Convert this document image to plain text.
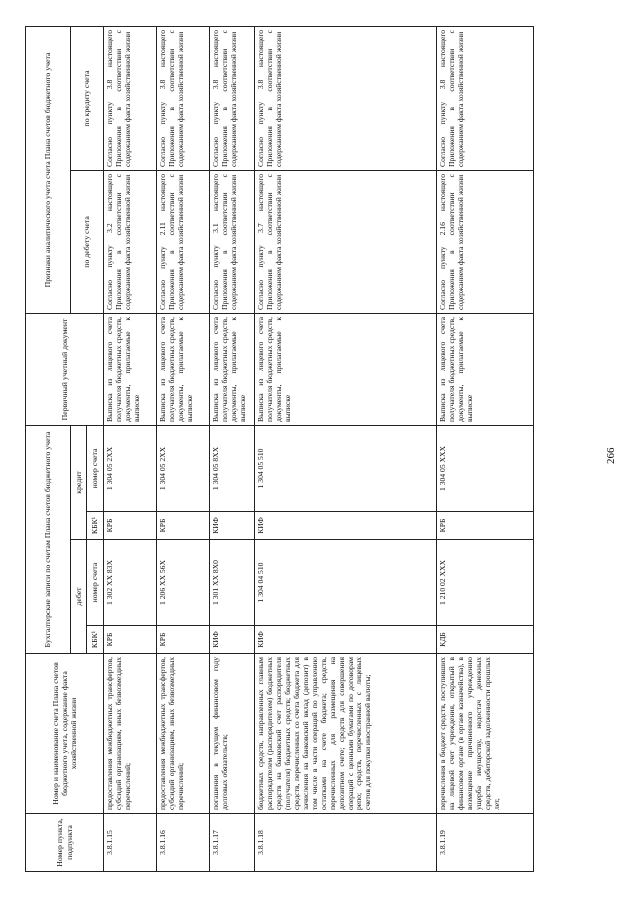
266
Номер пункта, подпункта	Номер и наименование счета Плана счетов бюджетного учета, содержание факта хозяйственной жизни	Бухгалтерские записи по счетам Плана счетов бюджетного учета				Первичный учетный документ	Признаки аналитического учета счета Плана счетов бюджетного учета	
		дебет		кредит			по дебету счета	по кредиту счета
		КБК¹	номер счета	КБК¹	номер счета			
3.8.1.15	предоставления межбюджетных трансфертов, субсидий организациям, иных безвозмездных перечислений;	КРБ	1 302 XX 83X	КРБ	1 304 05 2XX	Выписка из лицевого счета получателя бюджетных средств, документы, прилагаемые к выписке	Согласно пункту 3.2 настоящего Приложения в соответствии с содержанием факта хозяйственной жизни	Согласно пункту 3.8 настоящего Приложения в соответствии с содержанием факта хозяйственной жизни
3.8.1.16	предоставления межбюджетных трансфертов, субсидий организациям, иных безвозмездных перечислений;	КРБ	1 206 XX 56X	КРБ	1 304 05 2XX	Выписка из лицевого счета получателя бюджетных средств, документы, прилагаемые к выписке	Согласно пункту 2.11 настоящего Приложения в соответствии с содержанием факта хозяйственной жизни	Согласно пункту 3.8 настоящего Приложения в соответствии с содержанием факта хозяйственной жизни
3.8.1.17	погашения в текущем финансовом году долговых обязательств;	КИФ	1 301 XX 8X0	КИФ	1 304 05 8XX	Выписка из лицевого счета получателя бюджетных средств, документы, прилагаемые к выписке	Согласно пункту 3.1 настоящего Приложения в соответствии с содержанием факта хозяйственной жизни	Согласно пункту 3.8 настоящего Приложения в соответствии с содержанием факта хозяйственной жизни
3.8.1.18	бюджетных средств, направленных главным распорядителем (распорядителем) бюджетных средств на банковский счет распорядителя (получателя) бюджетных средств; бюджетных средств, перечисленных со счета бюджета для зачисления на банковский вклад (депозит) в том числе в части операций по управлению остатками на счете бюджета; средств, перечисленных для размещения на депозитном счете; средств для совершения операций с ценными бумагами по договорам репо; средств, перечисленных с лицевых счетов для покупки иностранной валюты;	КИФ	1 304 04 510	КИФ	1 304 05 510	Выписка из лицевого счета получателя бюджетных средств, документы, прилагаемые к выписке	Согласно пункту 3.7 настоящего Приложения в соответствии с содержанием факта хозяйственной жизни	Согласно пункту 3.8 настоящего Приложения в соответствии с содержанием факта хозяйственной жизни
3.8.1.19	перечисления в бюджет средств, поступивших на лицевой счет учреждения, открытый в финансовом органе (в органе казначейства), в возмещение причиненного учреждению ущерба имуществу, недостач денежных средств, дебиторской задолженности прошлых лет,	КДБ	1 210 02 XXX	КРБ	1 304 05 XXX	Выписка из лицевого счета получателя бюджетных средств, документы, прилагаемые к выписке	Согласно пункту 2.16 настоящего Приложения в соответствии с содержанием факта хозяйственной жизни	Согласно пункту 3.8 настоящего Приложения в соответствии с содержанием факта хозяйственной жизни
